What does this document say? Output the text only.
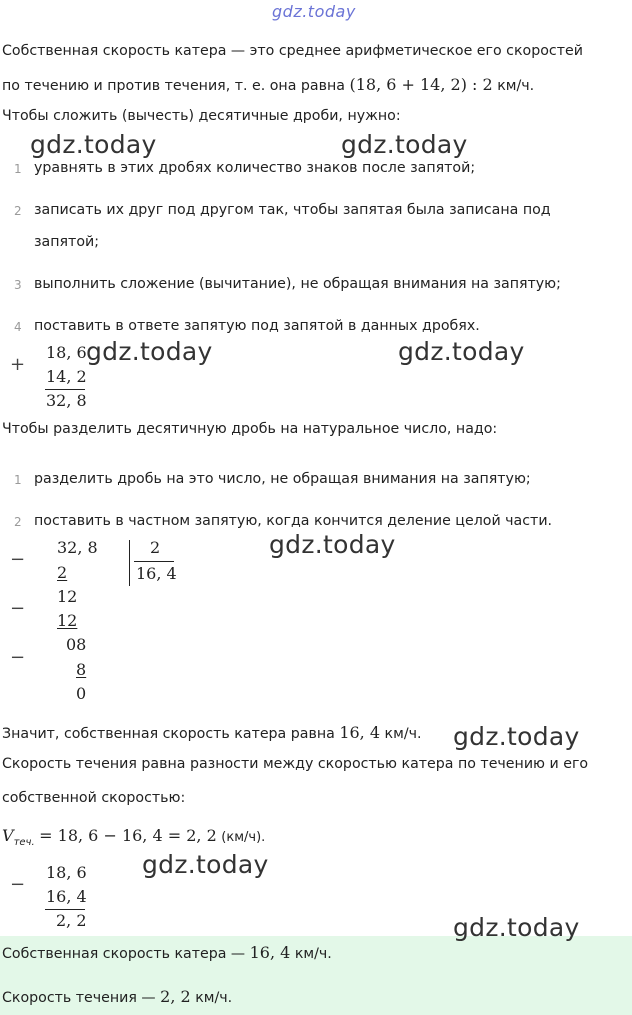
gdz.today
Собственная скорость катера — это среднее арифметическое его скоростей
по течению и против течения, т. е. она равна (18, 6 + 14, 2) : 2 км/ч.
Чтобы сложить (вычесть) десятичные дроби, нужно:
gdz.today	gdz.today
1 уравнять в этих дробях количество знаков после запятой;
2 записать их друг под другом так, чтобы запятая была записана под
запятой;
3 выполнить сложение (вычитание), не обращая внимания на запятую;
4 поставить в ответе запятую под запятой в данных дробях.
+
18, 6
14, 2
32, 8
gdz.today	gdz.today
Чтобы разделить десятичную дробь на натуральное число, надо:
1 разделить дробь на это число, не обращая внимания на запятую;
2 поставить в частном запятую, когда кончится деление целой части.
−
−
−
32, 8
2
12
12
08
8
0
2
16, 4
gdz.today
Значит, собственная скорость катера равна 16, 4 км/ч. gdz.today
Скорость течения равна разности между скоростью катера по течению и его
собственной скоростью:
$V_{теч.} = 18$, 6 − 16, 4 = 2, 2 (км/ч).
−
18, 6
16, 4
2, 2
gdz.today
gdz.today
Собственная скорость катера — 16, 4 км/ч.
Скорость течения — 2, 2 км/ч.
